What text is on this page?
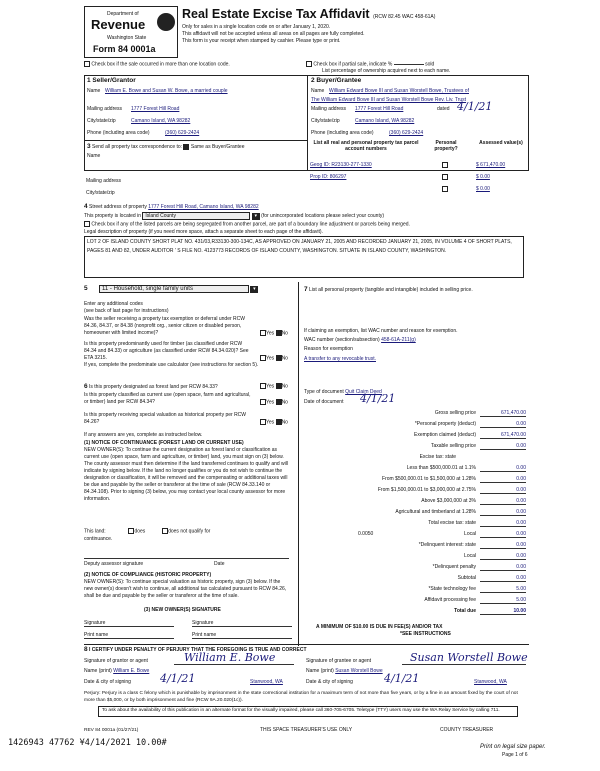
Department of
Revenue
Washington State
Form 84 0001a
Real Estate Excise Tax Affidavit (RCW 82.45 WAC 458-61A)
Only for sales in a single location code on or after January 1, 2020.
This affidavit will not be accepted unless all areas on all pages are fully completed.
This form is your receipt when stamped by cashier. Please type or print.
Check box if the sale occurred in more than one location code.	Check box if partial sale, indicate %	sold
List percentage of ownership acquired next to each name.
1 Seller/Grantor
Name William E. Bowe and Susan W. Bowe, a married couple
Mailing address 1777 Forest Hill Road
City/state/zip	Camano Island, WA 98282
Phone (including area code)	(360) 629-2424
2 Buyer/Grantee
Name William Edward Bowe III and Susan Worstell Bowe, Trustees of
The William Edward Bowe III and Susan Worstell Bowe Rev. Liv. Trust
Mailing address 1777 Forest Hill Road	dated 4/1/21
City/state/zip	Camano Island, WA 98282
Phone (including area code)	(360) 629-2424
3 Send all property tax correspondence to: Same as Buyer/Grantee
Name
Mailing address
City/state/zip
List all real and personal property tax parcel account numbers
Personal property?
Assessed value(s)
Geog ID: R23130-277-1330	$ 671,470.00
Prop ID: 806297	$ 0.00
$ 0.00
4 Street address of property 1777 Forest Hill Road, Camano Island, WA 98282
This property is located in Island County	▾ (for unincorporated locations please select your county)
Check box if any of the listed parcels are being segregated from another parcel, are part of a boundary line adjustment or parcels being merged.
Legal description of property (if you need more space, attach a separate sheet to each page of the affidavit).
LOT 2 OF ISLAND COUNTY SHORT PLAT NO. 431/03,R33130-300-134C, AS APPROVED ON JANUARY 21, 2005 AND RECORDED JANUARY 21, 2005, IN VOLUME 4 OF SHORT PLATS, PAGES 81 AND 82, UNDER AUDITOR ' S FILE NO. 4123773 RECORDS OF ISLAND COUNTY, WASHINGTON. SITUATE IN ISLAND COUNTY, WASHINGTON.
5 11 - Household, single family units	▾
Enter any additional codes
(see back of last page for instructions)
Was the seller receiving a property tax exemption or deferral under RCW 84.36, 84.37, or 84.38 (nonprofit org., senior citizen or disabled person, homeowner with limited income)?	Yes No
Is this property predominantly used for timber (as classified under RCW 84.34 and 84.33) or agriculture (as classified under RCW 84.34.020)? See ETA 3215.	Yes No
If yes, complete the predominate use calculator (see instructions for section 5).
6 Is this property designated as forest land per RCW 84.33?	Yes No
Is this property classified as current use (open space, farm and agricultural, or timber) land per RCW 84.34?	Yes No
Is this property receiving special valuation as historical property per RCW 84.26?	Yes No
If any answers are yes, complete as instructed below.
(1) NOTICE OF CONTINUANCE (FOREST LAND OR CURRENT USE)
NEW OWNER(S): To continue the current designation as forest land or classification as current use (open space, farm and agriculture, or timber) land, you must sign on (3) below. The county assessor must then determine if the land transferred continues to qualify and will indicate by signing below. If the land no longer qualifies or you do not wish to continue the designation or classification, it will be removed and the compensating or additional taxes will be due and payable by the seller or transferor at the time of sale (RCW 84.33.140 or 84.34.108). Prior to signing (3) below, you may contact your local county assessor for more information.
This land:	does	does not qualify for
continuance.
Deputy assessor signature	Date
(2) NOTICE OF COMPLIANCE (HISTORIC PROPERTY)
NEW OWNER(S): To continue special valuation as historic property, sign (3) below. If the new owner(s) doesn't wish to continue, all additional tax calculated pursuant to RCW 84.26, shall be due and payable by the seller or transferor at the time of sale.
(3) NEW OWNER(S) SIGNATURE
Signature	Signature
Print name	Print name
7 List all personal property (tangible and intangible) included in selling price.
If claiming an exemption, list WAC number and reason for exemption.
WAC number (section/subsection) 458-61A-211(g)
Reason for exemption
A transfer to any revocable trust.
Type of document Quit Claim Deed
Date of document 4/1/21
Gross selling price	671,470.00
*Personal property (deduct)	0.00
Exemption claimed (deduct)	671,470.00
Taxable selling price	0.00
Excise tax: state
Less than $500,000.01 at 1.1%	0.00
From $500,000.01 to $1,500,000 at 1.28%	0.00
From $1,500,000.01 to $3,000,000 at 2.75%	0.00
Above $3,000,000 at 3%	0.00
Agricultural and timberland at 1.28%	0.00
Total excise tax: state	0.00
0.0050	Local	0.00
*Delinquent interest: state	0.00
Local	0.00
*Delinquent penalty	0.00
Subtotal	0.00
*State technology fee	5.00
Affidavit processing fee	5.00
Total due	10.00
A MINIMUM OF $10.00 IS DUE IN FEE(S) AND/OR TAX
*SEE INSTRUCTIONS
8 I CERTIFY UNDER PENALTY OF PERJURY THAT THE FOREGOING IS TRUE AND CORRECT
Signature of grantor or agent	William E. Bowe
Name (print) William E. Bowe
Date & city of signing	4/1/21	Stanwood, WA
Signature of grantee or agent	Susan Worstell Bowe
Name (print) Susan Worstell Bowe
Date & city of signing	4/1/21	Stanwood, WA
Perjury: Perjury is a class C felony which is punishable by imprisonment in the state correctional institution for a maximum term of not more than five years, or by a fine in an amount fixed by the court of not more than $5,000, or by both imprisonment and fine (RCW 9A.20.020(1c)).
To ask about the availability of this publication in an alternate format for the visually impaired, please call 360-705-6705. Teletype (TTY) users may use the WA Relay Service by calling 711.
REV 84 0001a (01/27/21)	THIS SPACE TREASURER'S USE ONLY	COUNTY TREASURER
1426943 47762 ¥4/14/2021 10.00#	Print on legal size paper.
Page 1 of 6
